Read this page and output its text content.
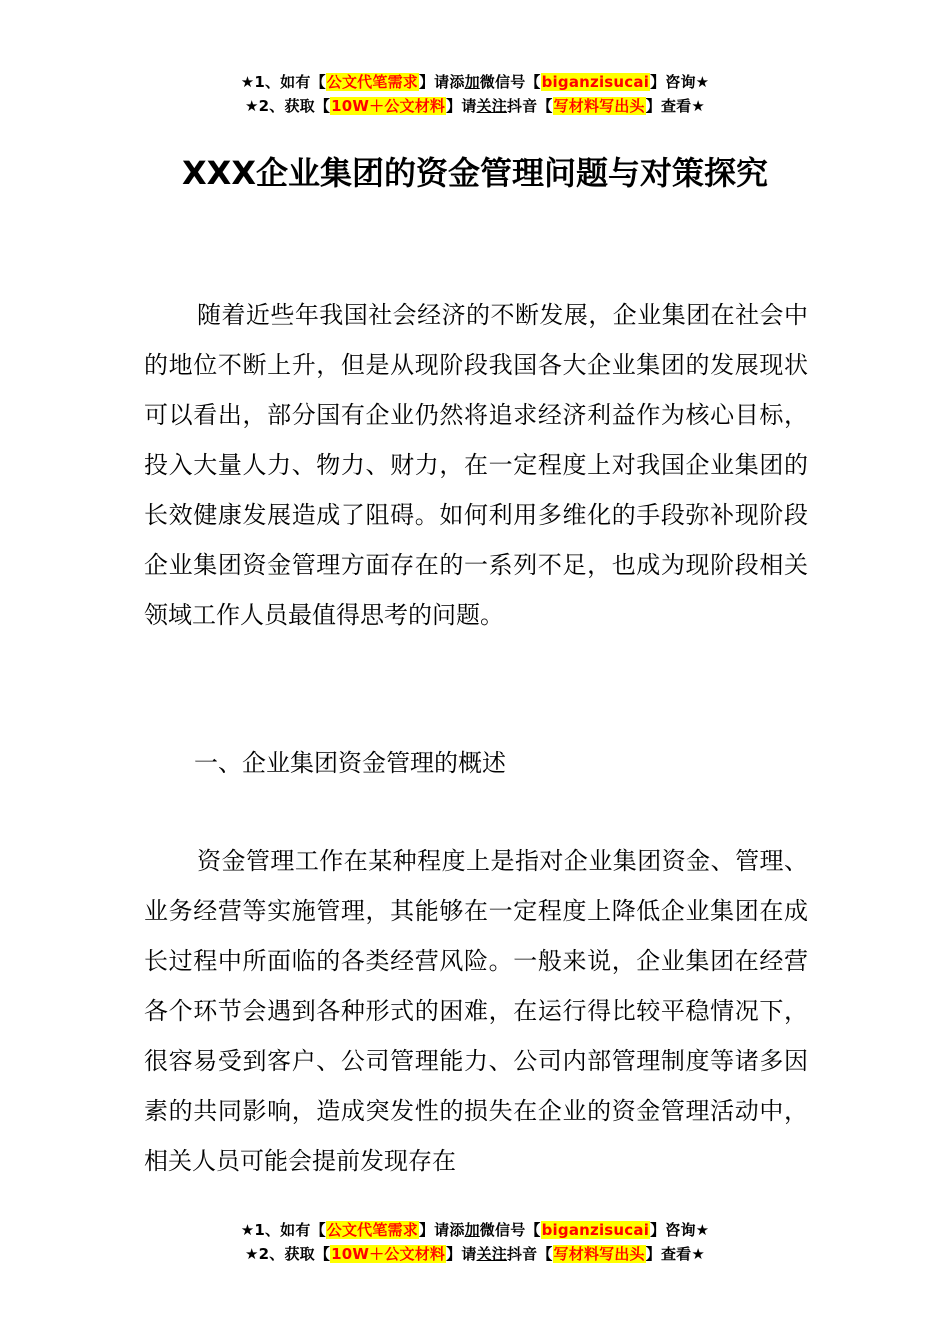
★1、如有【公文代笔需求】请添加微信号【biganzisucai】咨询★
★2、获取【10W＋公文材料】请关注抖音【写材料写出头】查看★
XXX企业集团的资金管理问题与对策探究

随着近些年我国社会经济的不断发展，企业集团在社会中的地位不断上升，但是从现阶段我国各大企业集团的发展现状可以看出，部分国有企业仍然将追求经济利益作为核心目标，投入大量人力、物力、财力，在一定程度上对我国企业集团的长效健康发展造成了阻碍。如何利用多维化的手段弥补现阶段企业集团资金管理方面存在的一系列不足，也成为现阶段相关领域工作人员最值得思考的问题。

一、企业集团资金管理的概述

资金管理工作在某种程度上是指对企业集团资金、管理、业务经营等实施管理，其能够在一定程度上降低企业集团在成长过程中所面临的各类经营风险。一般来说，企业集团在经营各个环节会遇到各种形式的困难，在运行得比较平稳情况下，很容易受到客户、公司管理能力、公司内部管理制度等诸多因素的共同影响，造成突发性的损失在企业的资金管理活动中，相关人员可能会提前发现存在

★1、如有【公文代笔需求】请添加微信号【biganzisucai】咨询★
★2、获取【10W＋公文材料】请关注抖音【写材料写出头】查看★
